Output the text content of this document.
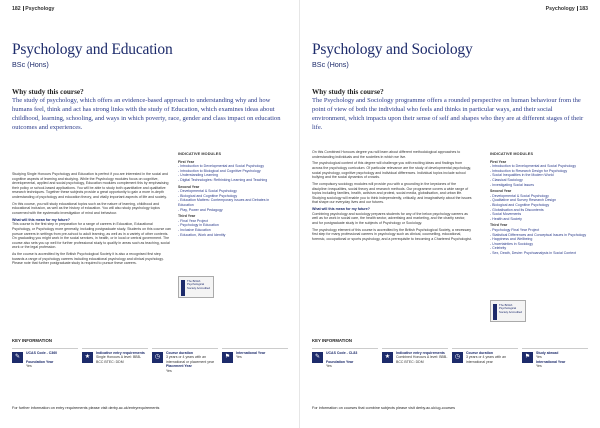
182 Psychology
Psychology and Education
BSc (Hons)
Why study this course?
The study of psychology, which offers an evidence-based approach to understanding why and how humans feel, think and act has strong links with the study of Education, which examines ideas about childhood, learning, schooling, and ways in which poverty, race, gender and class impact on education outcomes and experiences.

Studying Single Honours Psychology and Education is perfect if you are interested in the social and cognitive aspects of learning and studying. While the Psychology modules focus on cognitive, developmental, applied and social psychology, Education modules complement this by emphasising their policy or school-based applications. You will be able to study both quantitative and qualitative research techniques. Together these subjects provide a great opportunity to gain a more in-depth understanding of psychology and education theory, and vitally important aspects of life and society.

On this course, you will study educational topics such as the nature of learning, childhood and educational inclusion, as well as the history of education. You will also study psychology topics concerned with the systematic investigation of mind and behaviour.

What will this mean for my future?

This course is the first step in preparation for a range of careers in Education, Educational Psychology, or Psychology more generally, including postgraduate study. Students on this course can pursue careers in settings from pre-school to adult learning, as well as in a variety of other contexts. On graduating you might work in the social services, in health, or in local or central government. The course also sets you up well for further professional study to qualify in areas such as teaching, social work or the legal profession.

As the course is accredited by the British Psychological Society it is also a recognised first step towards a range of psychology careers including educational psychology and clinical psychology. Please note that further postgraduate study is required to pursue these careers.

INDICATIVE MODULES
First Year
- Introduction to Developmental and Social Psychology
- Introduction to Biological and Cognitive Psychology
- Understanding Learning
- Digital Technologies: Rethinking Learning and Teaching
Second Year
- Developmental & Social Psychology
- Biological and Cognitive Psychology
- Education Matters: Contemporary Issues and Debates in Education
- Play, Power and Pedagogy
Third Year
- Final Year Project
- Psychology in Education
- Inclusive Education
- Education, Work and Identity
The British Psychological Society Accredited
KEY INFORMATION
✎
UCAS Code - C360

Foundation Year
Yes
★
Indicative entry requirements
Single Honours A level: BBB-BCC BTEC: DDM
◷
Course duration
3 years or 4 years with an international or placement year

Placement Year
Yes
⚑
International Year
Yes
For further information on entry requirements please visit derby.ac.uk/entryrequirements
Psychology 183
Psychology and Sociology
BSc (Hons)
Why study this course?
The Psychology and Sociology programme offers a rounded perspective on human behaviour from the point of view of both the individual who feels and thinks in particular ways, and their social environment, which impacts upon their sense of self and shapes who they are at different stages of their life.

On this Combined Honours degree you will learn about different methodological approaches to understanding individuals and the societies in which we live.

The psychological content of this degree will challenge you with exciting ideas and findings from across the psychology curriculum. Of particular relevance are the study of developmental psychology, social psychology, cognitive psychology and individual differences. Individual topics include school bullying and the social dynamics of crowds.

The compulsory sociology modules will provide you with a grounding in the keystones of the discipline: inequalities, social theory and research methods. Our programme covers a wide range of topics including families, health, activism and protest, social media, globalisation, and urban life. Studying sociology will enable you to think independently, critically, and imaginatively about the issues that shape our everyday lives and our futures.

What will this mean for my future?

Combining psychology and sociology prepares students for any of the below psychology careers as well as for work in social care, the health sector, advertising and marketing, and the charity sector, and for postgraduate study in the subjects of Psychology or Sociology.

The psychology element of this course is accredited by the British Psychological Society, a necessary first step for many professional careers in psychology such as clinical, counselling, educational, forensic, occupational or sports psychology, and a prerequisite to becoming a Chartered Psychologist.

INDICATIVE MODULES
First Year
- Introduction to Developmental and Social Psychology
- Introduction to Research Design for Psychology
- Social Inequalities in the Modern World
- Classical Sociology
- Investigating Social Issues
Second Year
- Developmental & Social Psychology
- Qualitative and Survey Research Design
- Biological and Cognitive Psychology
- Globalisation and its Discontents
- Social Movements
- Health and Society
Third Year
- Psychology Final Year Project
- Statistical Differences and Conceptual Issues in Psychology
- Happiness and Wellbeing
- Uncertainties in Sociology
- Celebrity
- Sex, Death, Desire: Psychoanalysis in Social Context
The British Psychological Society Accredited
KEY INFORMATION
✎
UCAS Code - CL83

Foundation Year
Yes
★
Indicative entry requirements
Combined Honours A level: BBB-BCC BTEC: DDM
◷
Course duration
3 years or 4 years with an international year
⚑
Study abroad
Yes

International Year
Yes
For information on courses that combine subjects please visit derby.ac.uk/ug-courses
